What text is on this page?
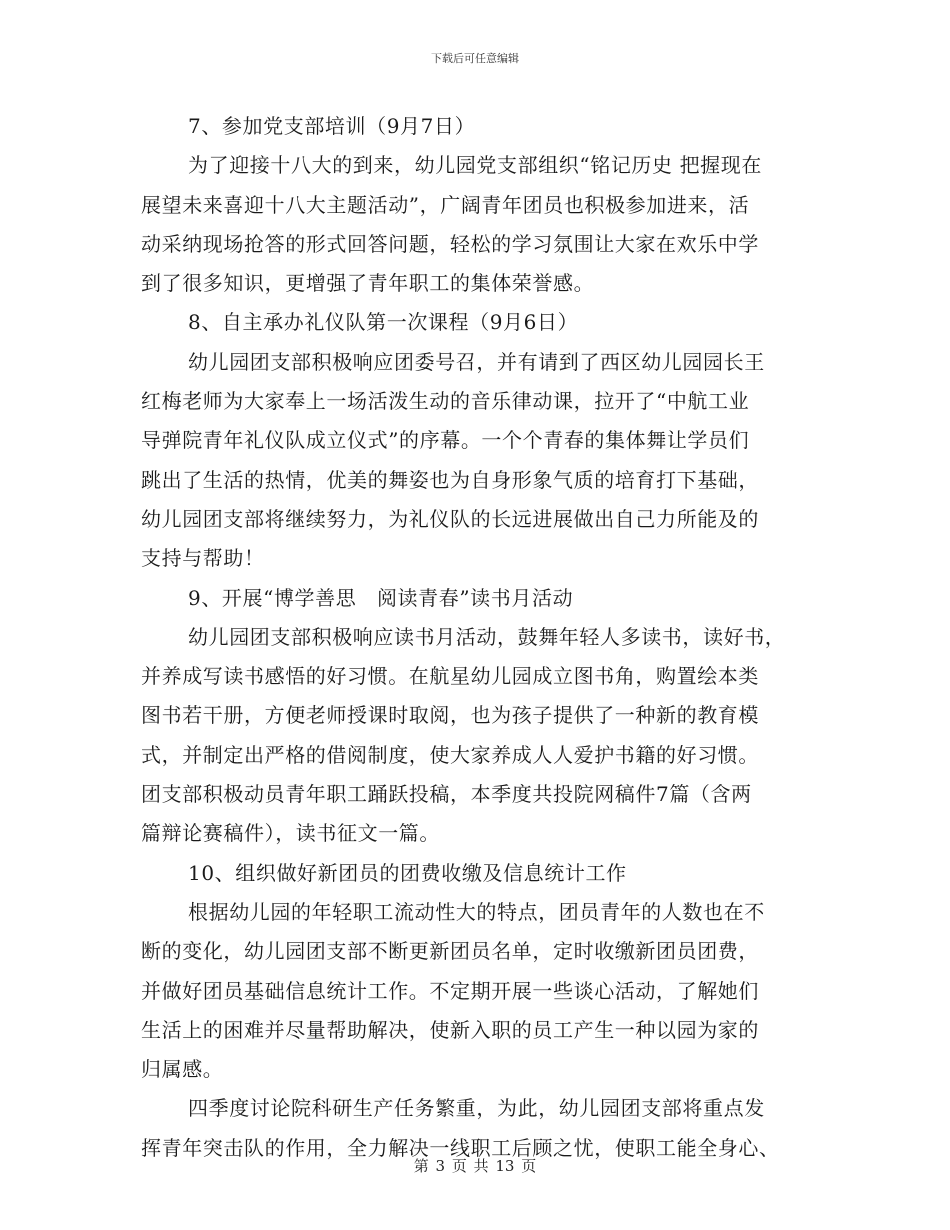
下载后可任意编辑
7、参加党支部培训（9月7日）
为了迎接十八大的到来，幼儿园党支部组织“铭记历史 把握现在
展望未来喜迎十八大主题活动”，广阔青年团员也积极参加进来，活
动采纳现场抢答的形式回答问题，轻松的学习氛围让大家在欢乐中学
到了很多知识，更增强了青年职工的集体荣誉感。
8、自主承办礼仪队第一次课程（9月6日）
幼儿园团支部积极响应团委号召，并有请到了西区幼儿园园长王
红梅老师为大家奉上一场活泼生动的音乐律动课，拉开了“中航工业
导弹院青年礼仪队成立仪式”的序幕。一个个青春的集体舞让学员们
跳出了生活的热情，优美的舞姿也为自身形象气质的培育打下基础，
幼儿园团支部将继续努力，为礼仪队的长远进展做出自己力所能及的
支持与帮助！
9、开展“博学善思　阅读青春”读书月活动
幼儿园团支部积极响应读书月活动，鼓舞年轻人多读书，读好书，
并养成写读书感悟的好习惯。在航星幼儿园成立图书角，购置绘本类
图书若干册，方便老师授课时取阅，也为孩子提供了一种新的教育模
式，并制定出严格的借阅制度，使大家养成人人爱护书籍的好习惯。
团支部积极动员青年职工踊跃投稿，本季度共投院网稿件7篇（含两
篇辩论赛稿件），读书征文一篇。
10、组织做好新团员的团费收缴及信息统计工作
根据幼儿园的年轻职工流动性大的特点，团员青年的人数也在不
断的变化，幼儿园团支部不断更新团员名单，定时收缴新团员团费，
并做好团员基础信息统计工作。不定期开展一些谈心活动，了解她们
生活上的困难并尽量帮助解决，使新入职的员工产生一种以园为家的
归属感。
四季度讨论院科研生产任务繁重，为此，幼儿园团支部将重点发
挥青年突击队的作用，全力解决一线职工后顾之忧，使职工能全身心、
第 3 页 共 13 页
